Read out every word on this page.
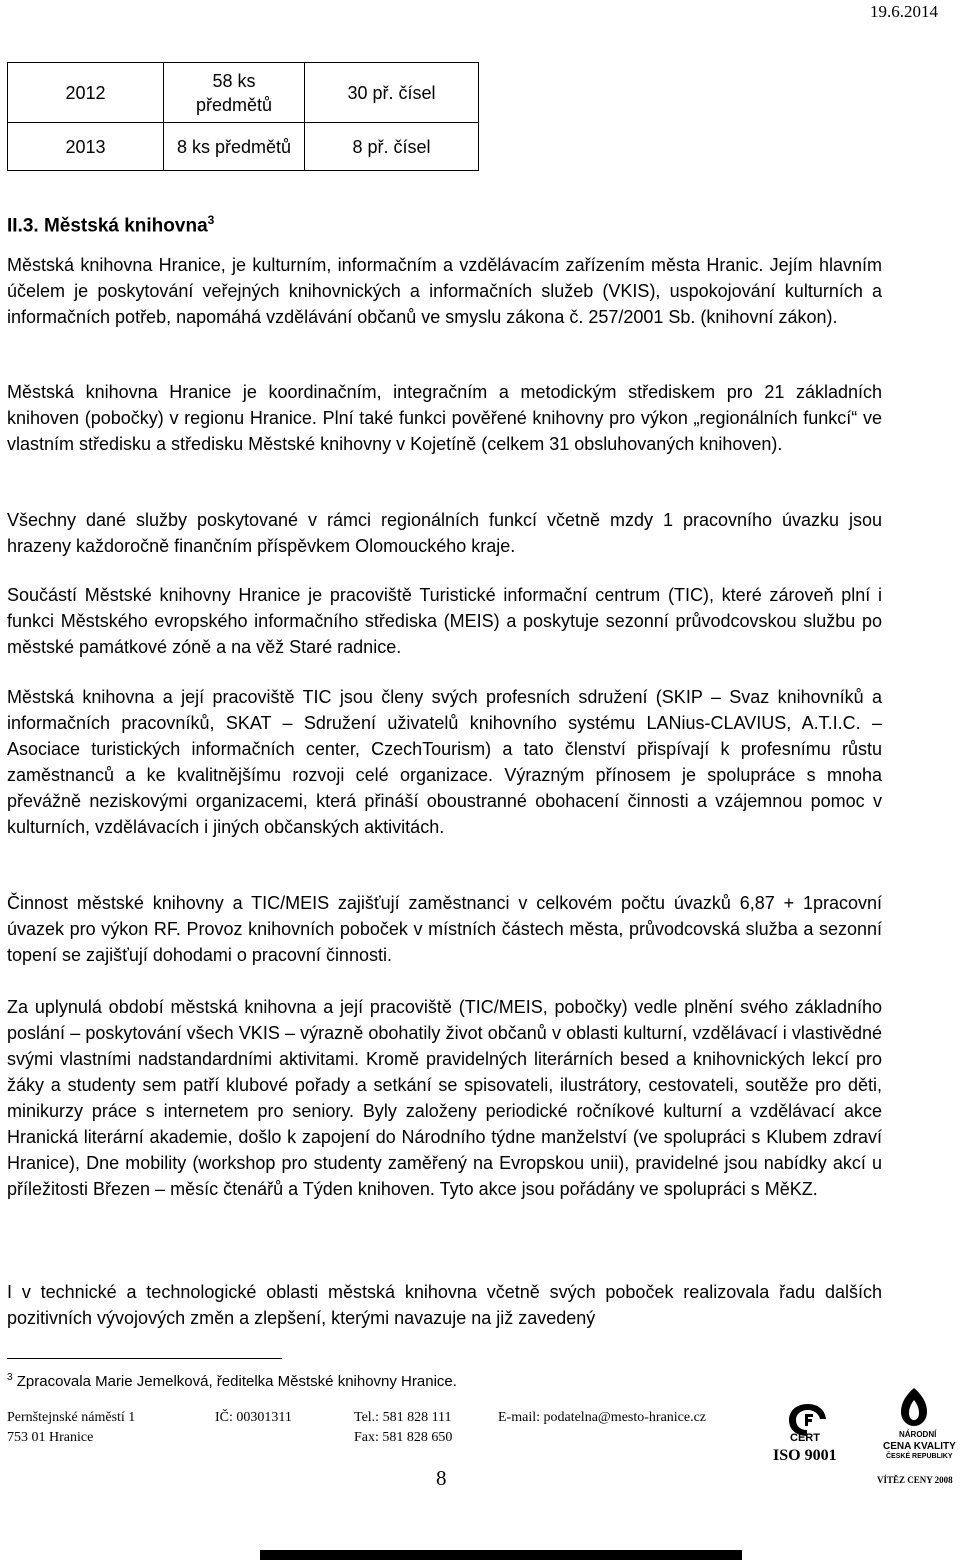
19.6.2014
2012	58 ks předmětů	30 př. čísel
2013	8 ks předmětů	8 př. čísel
II.3. Městská knihovna$^3$

Městská knihovna Hranice, je kulturním, informačním a vzdělávacím zařízením města Hranic. Jejím hlavním účelem je poskytování veřejných knihovnických a informačních služeb (VKIS), uspokojování kulturních a informačních potřeb, napomáhá vzdělávání občanů ve smyslu zákona č. 257/2001 Sb. (knihovní zákon).

Městská knihovna Hranice je koordinačním, integračním a metodickým střediskem pro 21 základních knihoven (pobočky) v regionu Hranice. Plní také funkci pověřené knihovny pro výkon „regionálních funkcí“ ve vlastním středisku a středisku Městské knihovny v Kojetíně (celkem 31 obsluhovaných knihoven).

Všechny dané služby poskytované v rámci regionálních funkcí včetně mzdy 1 pracovního úvazku jsou hrazeny každoročně finančním příspěvkem Olomouckého kraje.

Součástí Městské knihovny Hranice je pracoviště Turistické informační centrum (TIC), které zároveň plní i funkci Městského evropského informačního střediska (MEIS) a poskytuje sezonní průvodcovskou službu po městské památkové zóně a na věž Staré radnice.

Městská knihovna a její pracoviště TIC jsou členy svých profesních sdružení (SKIP – Svaz knihovníků a informačních pracovníků, SKAT – Sdružení uživatelů knihovního systému LANius-CLAVIUS, A.T.I.C. – Asociace turistických informačních center, CzechTourism) a tato členství přispívají k profesnímu růstu zaměstnanců a ke kvalitnějšímu rozvoji celé organizace. Výrazným přínosem je spolupráce s mnoha převážně neziskovými organizacemi, která přináší oboustranné obohacení činnosti a vzájemnou pomoc v kulturních, vzdělávacích i jiných občanských aktivitách.

Činnost městské knihovny a TIC/MEIS zajišťují zaměstnanci v celkovém počtu úvazků 6,87 + 1pracovní úvazek pro výkon RF. Provoz knihovních poboček v místních částech města, průvodcovská služba a sezonní topení se zajišťují dohodami o pracovní činnosti.

Za uplynulá období městská knihovna a její pracoviště (TIC/MEIS, pobočky) vedle plnění svého základního poslání – poskytování všech VKIS – výrazně obohatily život občanů v oblasti kulturní, vzdělávací i vlastivědné svými vlastními nadstandardními aktivitami. Kromě pravidelných literárních besed a knihovnických lekcí pro žáky a studenty sem patří klubové pořady a setkání se spisovateli, ilustrátory, cestovateli, soutěže pro děti, minikurzy práce s internetem pro seniory. Byly založeny periodické ročníkové kulturní a vzdělávací akce Hranická literární akademie, došlo k zapojení do Národního týdne manželství (ve spolupráci s Klubem zdraví Hranice), Dne mobility (workshop pro studenty zaměřený na Evropskou unii), pravidelné jsou nabídky akcí u příležitosti Březen – měsíc čtenářů a Týden knihoven. Tyto akce jsou pořádány ve spolupráci s MěKZ.

I v technické a technologické oblasti městská knihovna včetně svých poboček realizovala řadu dalších pozitivních vývojových změn a zlepšení, kterými navazuje na již zavedený

$^3$ Zpracovala Marie Jemelková, ředitelka Městské knihovny Hranice.
Pernštejnské náměstí 1
753 01 Hranice
IČ: 00301311	Tel.: 581 828 111
Fax: 581 828 650
E-mail: podatelna@mesto-hranice.cz
8
CERT
ISO 9001
NÁRODNÍ
CENA KVALITY
ČESKÉ REPUBLIKY
VÍTĚZ CENY 2008
